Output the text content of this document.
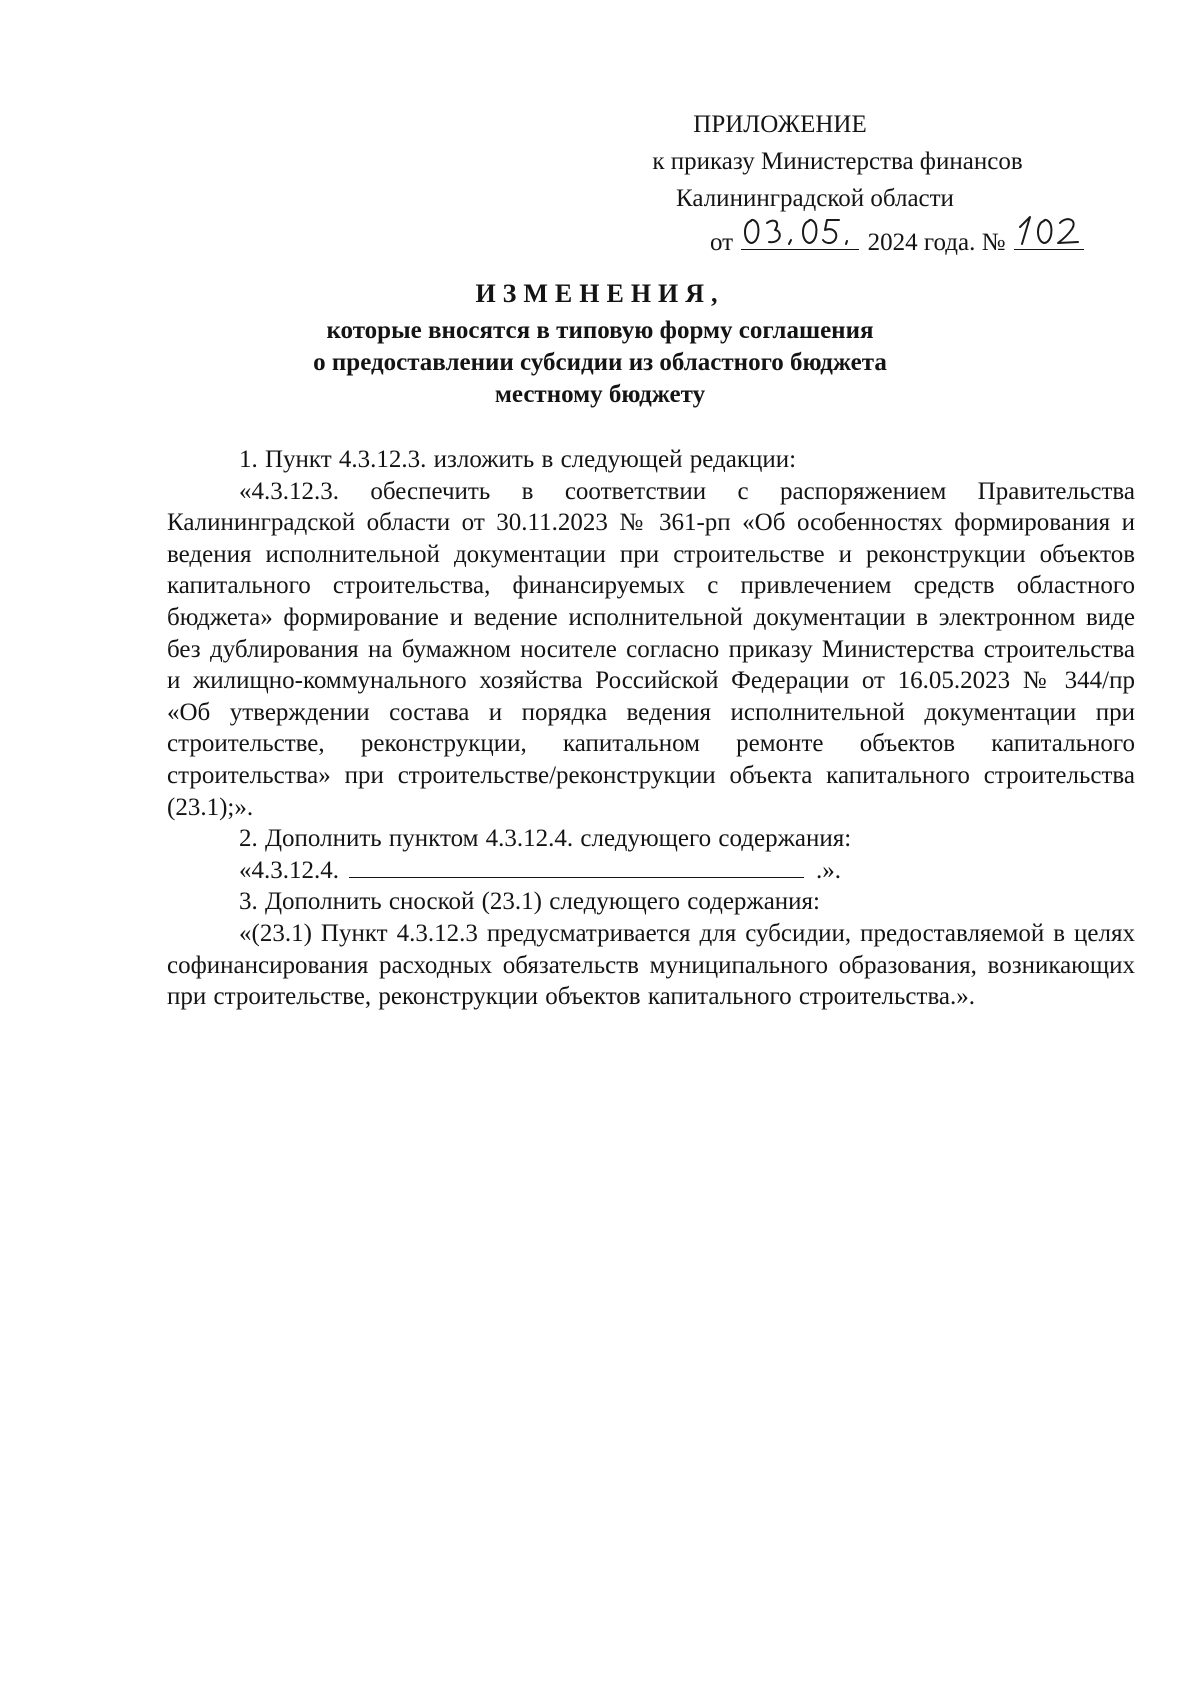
ПРИЛОЖЕНИЕ
к приказу Министерства финансов
Калининградской области
от	2024 года. №
ИЗМЕНЕНИЯ,
которые вносятся в типовую форму соглашения
о предоставлении субсидии из областного бюджета
местному бюджету

1. Пункт 4.3.12.3. изложить в следующей редакции:

«4.3.12.3. обеспечить в соответствии с распоряжением Правительства Калининградской области от 30.11.2023 № 361-рп «Об особенностях формирования и ведения исполнительной документации при строительстве и реконструкции объектов капитального строительства, финансируемых с привлечением средств областного бюджета» формирование и ведение исполнительной документации в электронном виде без дублирования на бумажном носителе согласно приказу Министерства строительства и жилищно-коммунального хозяйства Российской Федерации от 16.05.2023 № 344/пр «Об утверждении состава и порядка ведения исполнительной документации при строительстве, реконструкции, капитальном ремонте объектов капитального строительства» при строительстве/реконструкции объекта капитального строительства (23.1);».

2. Дополнить пунктом 4.3.12.4. следующего содержания:

«4.3.12.4.	.».

3. Дополнить сноской (23.1) следующего содержания:

«(23.1) Пункт 4.3.12.3 предусматривается для субсидии, предоставляемой в целях софинансирования расходных обязательств муниципального образования, возникающих при строительстве, реконструкции объектов капитального строительства.».
